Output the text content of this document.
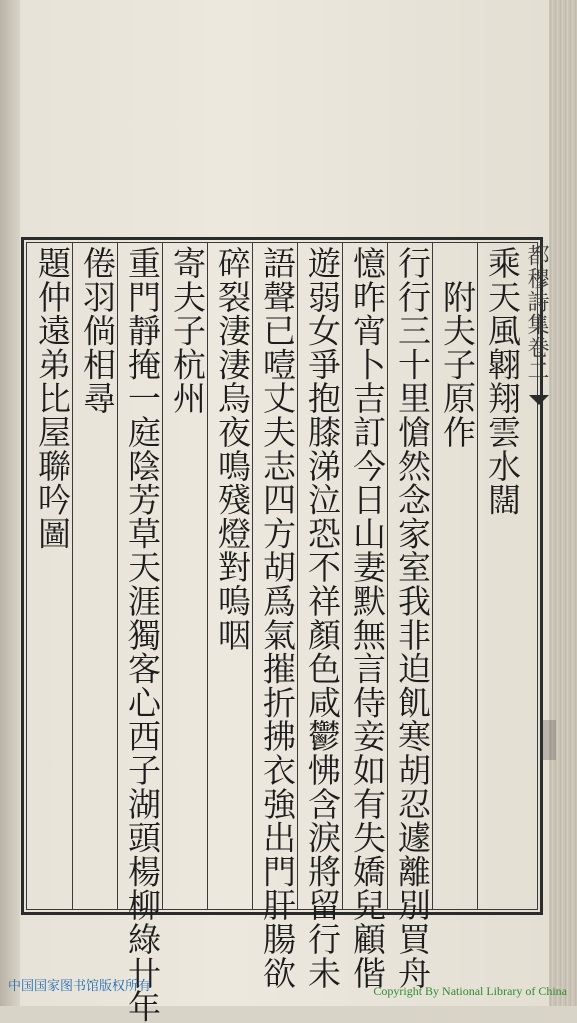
都穆詩集卷二
乘天風翺翔雲水闊
　附夫子原作
行行三十里愴然念家室我非迫飢寒胡忍遽離別買舟
憶昨宵卜吉訂今日山妻默無言侍妾如有失嬌兒顧偕
遊弱女爭抱膝涕泣恐不祥顏色咸鬱怫含淚將留行未
語聲已噎丈夫志四方胡爲氣摧折拂衣強出門肝腸欲
碎裂淒淒烏夜鳴殘燈對嗚咽
寄夫子杭州
重門靜掩一庭陰芳草天涯獨客心西子湖頭楊柳綠卄年
倦羽倘相尋
題仲遠弟比屋聯吟圖
中国国家图书馆版权所有	Copyright By National Library of China
